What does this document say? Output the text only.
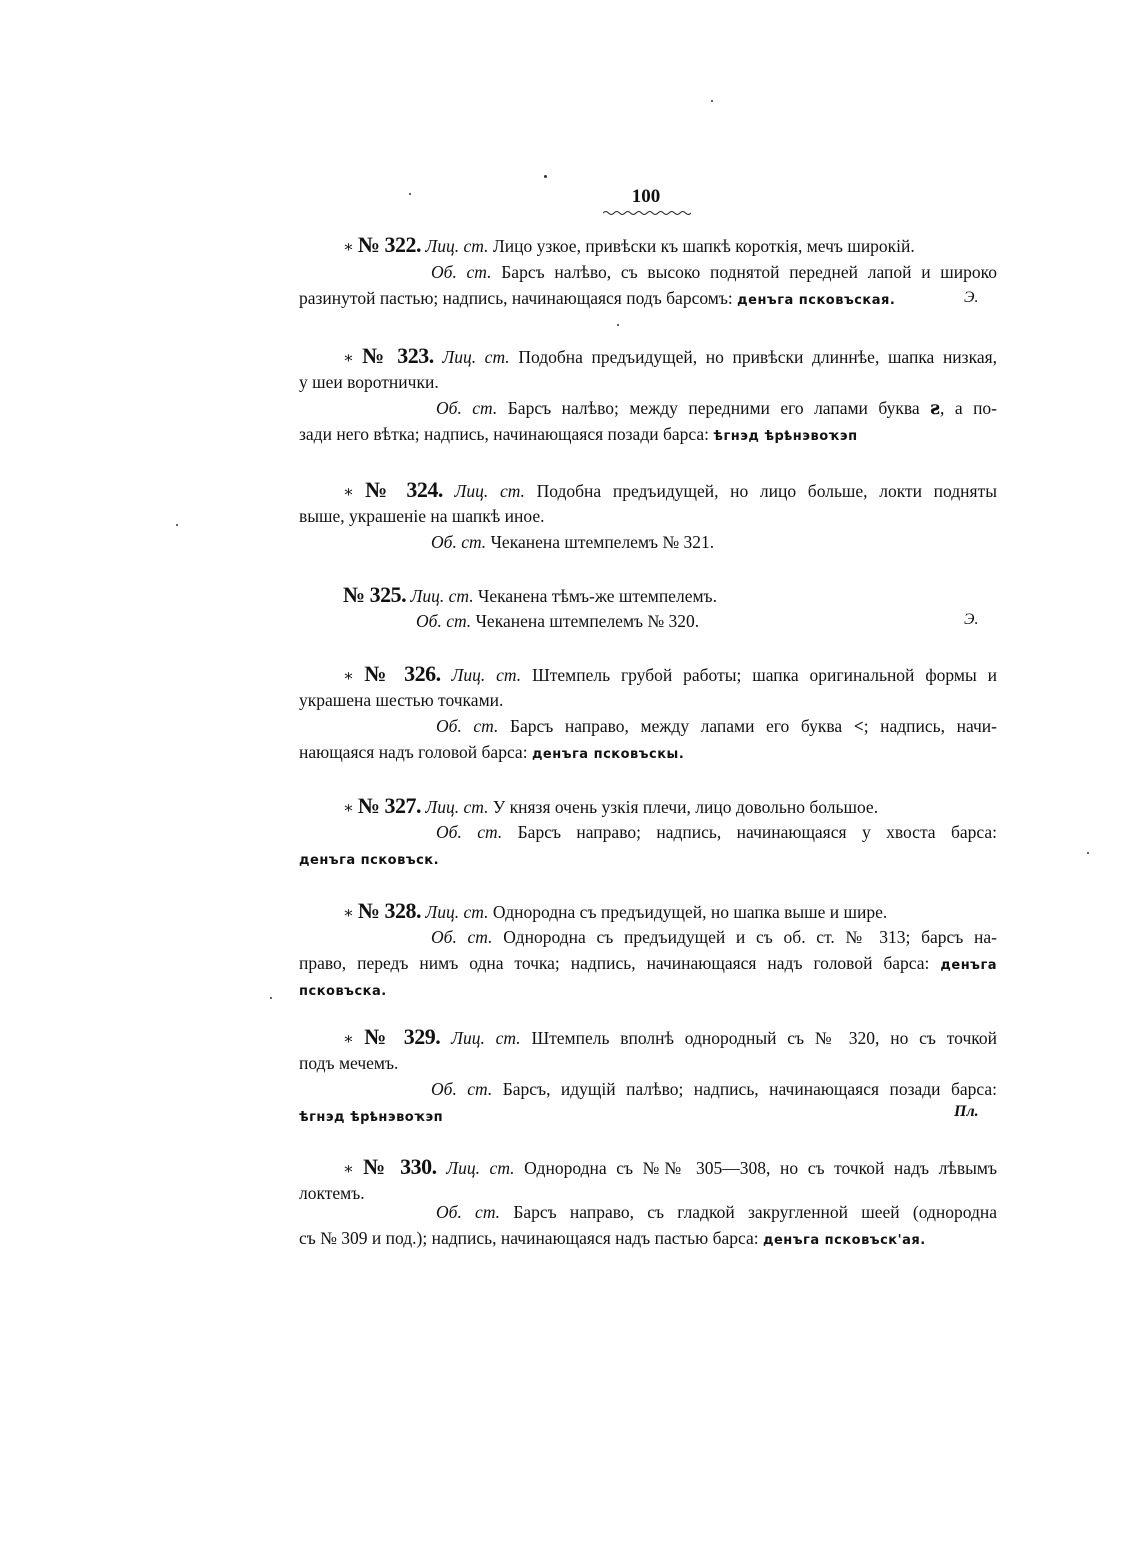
100
∗ № 322. Лиц. ст. Лицо узкое, привѣски къ шапкѣ короткія, мечъ широкій.
Об. ст. Барсъ налѣво, съ высоко поднятой передней лапой и широко
разинутой пастью; надпись, начинающаяся подъ барсомъ: денъга псковъская.	Э.
∗ № 323. Лиц. ст. Подобна предъидущей, но привѣски длиннѣе, шапка низкая,
у шеи воротнички.
Об. ст. Барсъ налѣво; между передними его лапами буква ꙅ, а по-
зади него вѣтка; надпись, начинающаяся позади барса: ѣгнэд ѣрҍнэвоҡэп
∗ № 324. Лиц. ст. Подобна предъидущей, но лицо больше, локти подняты
выше, украшеніе на шапкѣ иное.
Об. ст. Чеканена штемпелемъ № 321.
№ 325. Лиц. ст. Чеканена тѣмъ-же штемпелемъ.
Об. ст. Чеканена штемпелемъ № 320.	Э.
∗ № 326. Лиц. ст. Штемпель грубой работы; шапка оригинальной формы и
украшена шестью точками.
Об. ст. Барсъ направо, между лапами его буква <; надпись, начи-
нающаяся надъ головой барса: денъга псковъскы.
∗ № 327. Лиц. ст. У князя очень узкія плечи, лицо довольно большое.
Об. ст. Барсъ направо; надпись, начинающаяся у хвоста барса:
денъга псковъск.
∗ № 328. Лиц. ст. Однородна съ предъидущей, но шапка выше и шире.
Об. ст. Однородна съ предъидущей и съ об. ст. № 313; барсъ на-
право, передъ нимъ одна точка; надпись, начинающаяся надъ головой барса: денъга
псковъска.
∗ № 329. Лиц. ст. Штемпель вполнѣ однородный съ № 320, но съ точкой
подъ мечемъ.
Об. ст. Барсъ, идущій палѣво; надпись, начинающаяся позади барса:
ѣгнэд ѣрҍнэвоҡэп	Пл.
∗ № 330. Лиц. ст. Однородна съ №№ 305—308, но съ точкой надъ лѣвымъ
локтемъ.
Об. ст. Барсъ направо, съ гладкой закругленной шеей (однородна
съ № 309 и под.); надпись, начинающаяся надъ пастью барса: денъга псковъск'ая.
